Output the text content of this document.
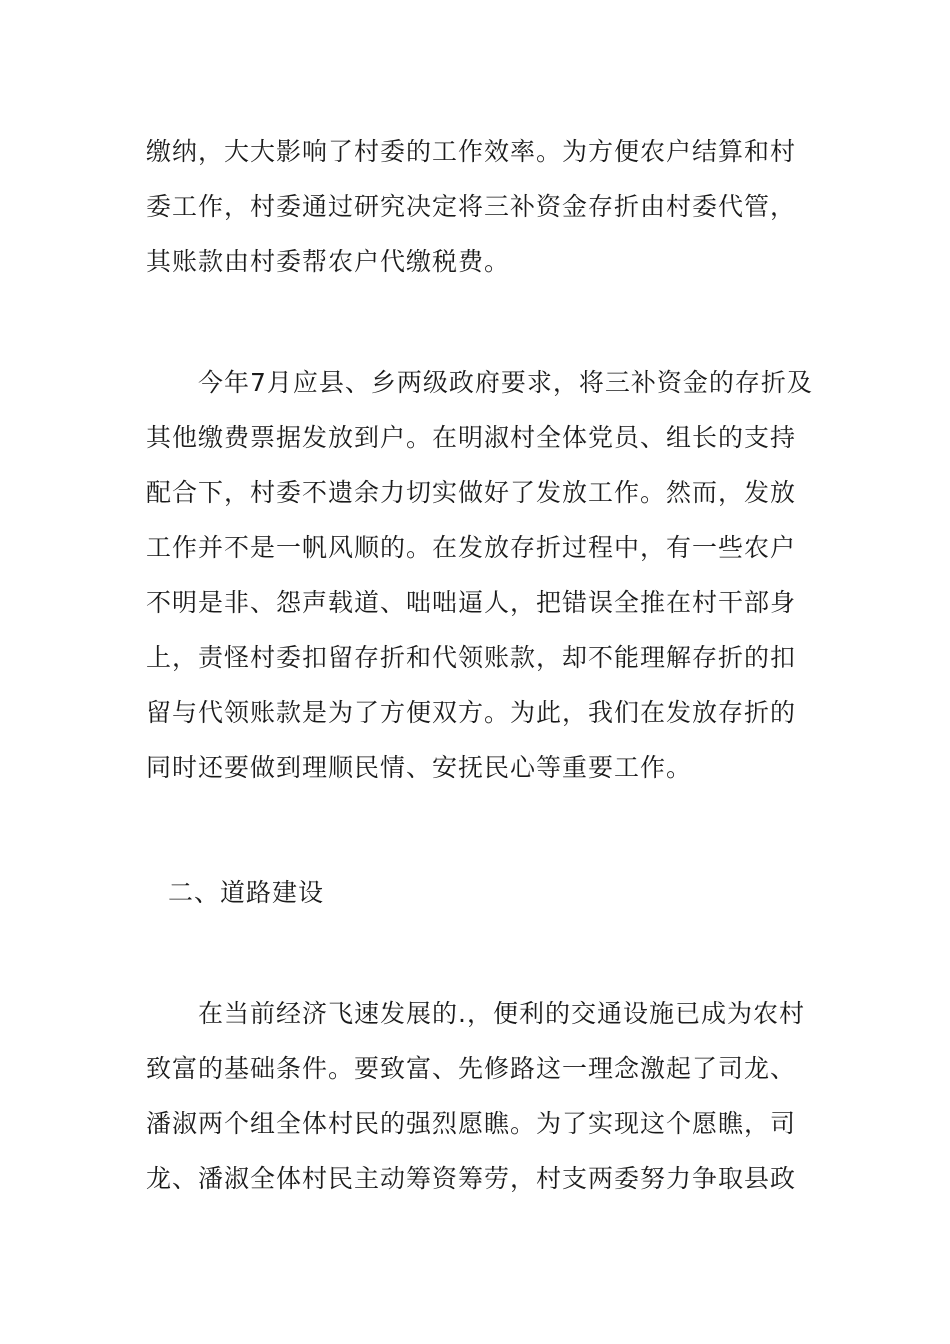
缴纳，大大影响了村委的工作效率。为方便农户结算和村
委工作，村委通过研究决定将三补资金存折由村委代管，
其账款由村委帮农户代缴税费。
今年7月应县、乡两级政府要求，将三补资金的存折及
其他缴费票据发放到户。在明淑村全体党员、组长的支持
配合下，村委不遗余力切实做好了发放工作。然而，发放
工作并不是一帆风顺的。在发放存折过程中，有一些农户
不明是非、怨声载道、咄咄逼人，把错误全推在村干部身
上，责怪村委扣留存折和代领账款，却不能理解存折的扣
留与代领账款是为了方便双方。为此，我们在发放存折的
同时还要做到理顺民情、安抚民心等重要工作。
二、道路建设
在当前经济飞速发展的.，便利的交通设施已成为农村
致富的基础条件。要致富、先修路这一理念激起了司龙、
潘淑两个组全体村民的强烈愿瞧。为了实现这个愿瞧，司
龙、潘淑全体村民主动筹资筹劳，村支两委努力争取县政
